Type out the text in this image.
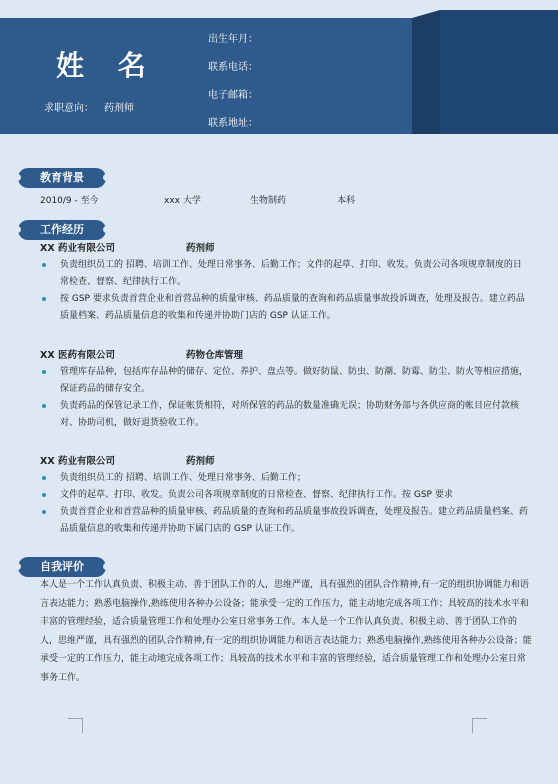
姓 名
求职意向： 药剂师
出生年月：
联系电话：
电子邮箱：
联系地址：
教育背景
2010/9 - 至今	xxx 大学	生物制药	本科
工作经历
XX 药业有限公司	药剂师
负责组织员工的 招聘、培训工作、处理日常事务、后勤工作；文件的起草、打印、收发。负责公司各项规章制度的日常检查、督察、纪律执行工作。
按 GSP 要求负责首营企业和首营品种的质量审核、药品质量的查询和药品质量事故投诉调查，处理及报告。建立药品质量档案、药品质量信息的收集和传递并协助门店的 GSP 认证工作。
XX 医药有限公司	药物仓库管理
管理库存品种，包括库存品种的储存、定位、养护、盘点等。做好防鼠、防虫、防潮、防霉、防尘、防火等相应措施，保证药品的储存安全。
负责药品的保管记录工作，保证帐货相符，对所保管的药品的数量准确无误；协助财务部与各供应商的帐目应付款核对、协助司机，做好退货验收工作。
XX 药业有限公司	药剂师
负责组织员工的 招聘、培训工作、处理日常事务、后勤工作；
文件的起草、打印、收发。负责公司各项规章制度的日常检查、督察、纪律执行工作。按 GSP 要求
负责首营企业和首营品种的质量审核、药品质量的查询和药品质量事故投诉调查，处理及报告。建立药品质量档案、药品质量信息的收集和传递并协助下属门店的 GSP 认证工作。
自我评价
本人是一个工作认真负责、积极主动、善于团队工作的人，思维严谨，具有强烈的团队合作精神,有一定的组织协调能力和语言表达能力；熟悉电脑操作,熟练使用各种办公设备；能承受一定的工作压力，能主动地完成各项工作；具较高的技术水平和丰富的管理经验，适合质量管理工作和处理办公室日常事务工作。本人是一个工作认真负责、积极主动、善于团队工作的人，思维严谨，具有强烈的团队合作精神,有一定的组织协调能力和语言表达能力；熟悉电脑操作,熟练使用各种办公设备；能承受一定的工作压力，能主动地完成各项工作；具较高的技术水平和丰富的管理经验，适合质量管理工作和处理办公室日常事务工作。
